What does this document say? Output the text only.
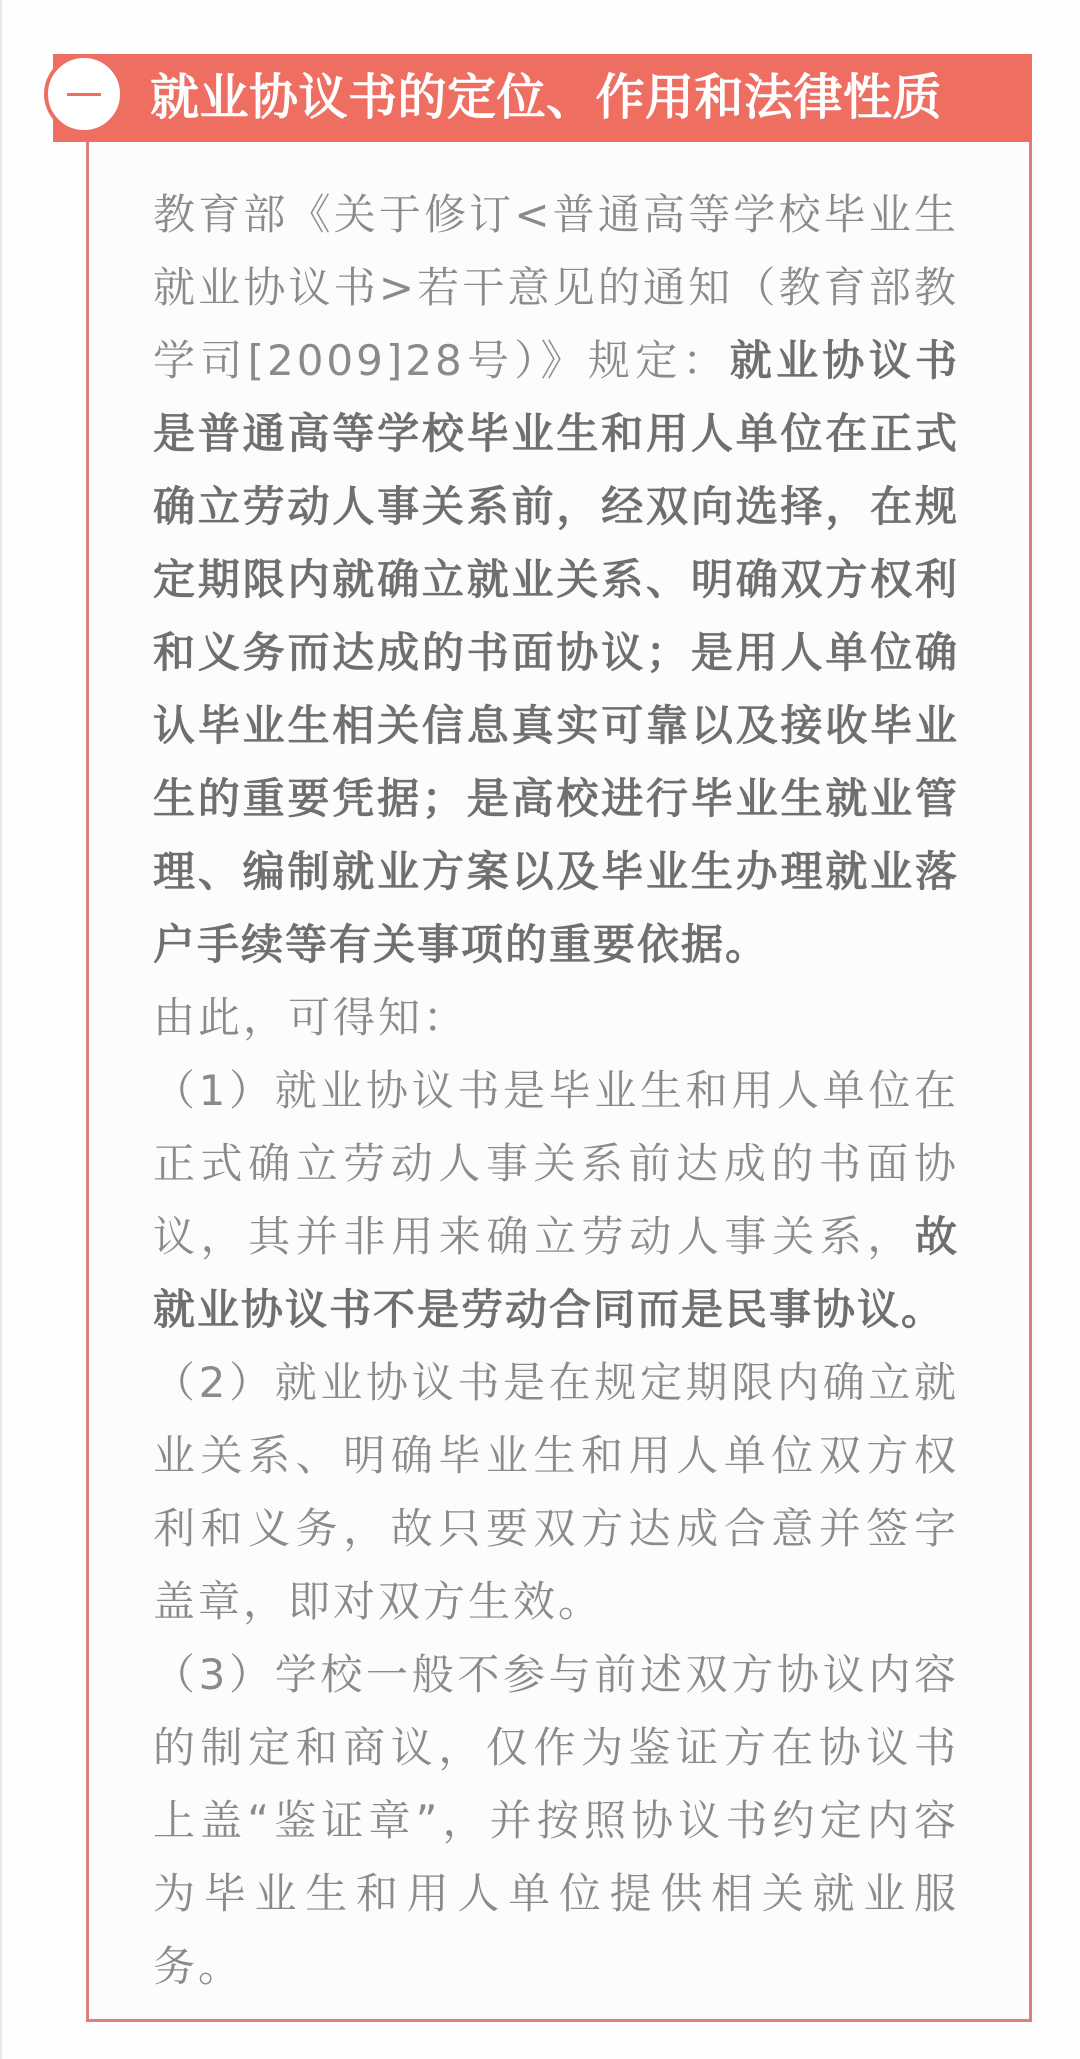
就业协议书的定位、作用和法律性质

教育部《关于修订<普通高等学校毕业生就业协议书>若干意见的通知（教育部教学司[2009]28号）》规定：就业协议书是普通高等学校毕业生和用人单位在正式确立劳动人事关系前，经双向选择，在规定期限内就确立就业关系、明确双方权利和义务而达成的书面协议；是用人单位确认毕业生相关信息真实可靠以及接收毕业生的重要凭据；是高校进行毕业生就业管理、编制就业方案以及毕业生办理就业落户手续等有关事项的重要依据。

由此，可得知：

（1）就业协议书是毕业生和用人单位在正式确立劳动人事关系前达成的书面协议，其并非用来确立劳动人事关系，故就业协议书不是劳动合同而是民事协议。

（2）就业协议书是在规定期限内确立就业关系、明确毕业生和用人单位双方权利和义务，故只要双方达成合意并签字盖章，即对双方生效。

（3）学校一般不参与前述双方协议内容的制定和商议，仅作为鉴证方在协议书上盖“鉴证章”，并按照协议书约定内容为毕业生和用人单位提供相关就业服务。
